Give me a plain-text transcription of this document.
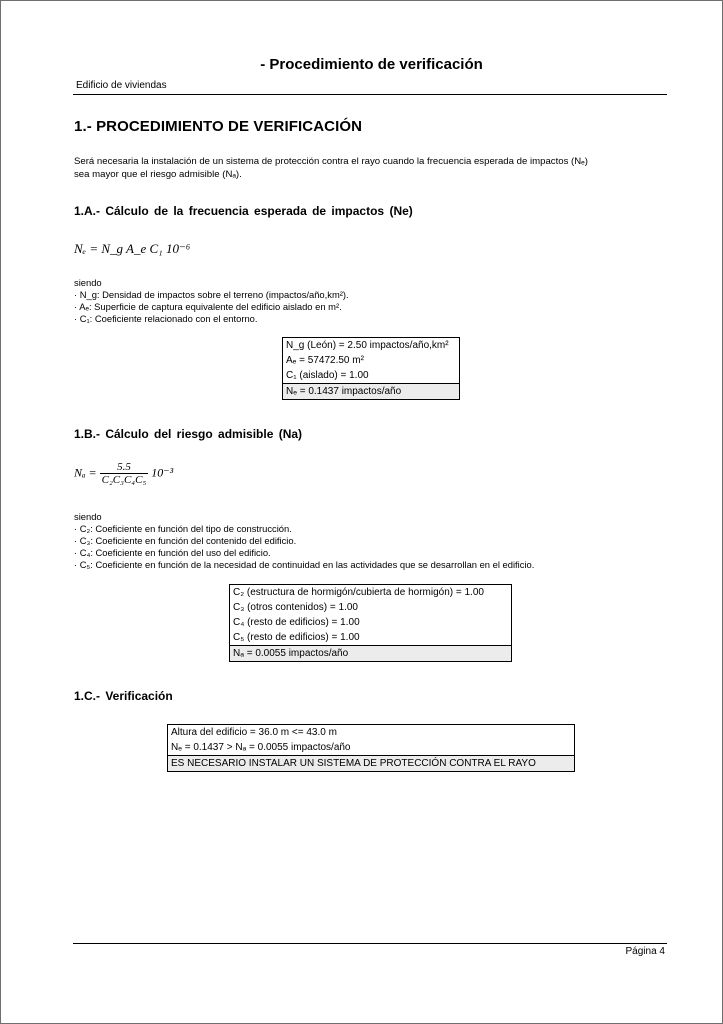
- Procedimiento de verificación
Edificio de viviendas
1.- PROCEDIMIENTO DE VERIFICACIÓN
Será necesaria la instalación de un sistema de protección contra el rayo cuando la frecuencia esperada de impactos (Nₑ)
sea mayor que el riesgo admisible (Nₐ).
1.A.- Cálculo de la frecuencia esperada de impactos (Ne)
Nₑ = N_g A_e C₁ 10⁻⁶
siendo
· N_g: Densidad de impactos sobre el terreno (impactos/año,km²).
· Aₑ: Superficie de captura equivalente del edificio aislado en m².
· C₁: Coeficiente relacionado con el entorno.
N_g (León) = 2.50 impactos/año,km²
Aₑ = 57472.50 m²
C₁ (aislado) = 1.00
Nₑ = 0.1437 impactos/año
1.B.- Cálculo del riesgo admisible (Na)
$N_a = \frac{5.5}{\text{C₂C₃C₄C₅}} 10^{-3}$
siendo
· C₂: Coeficiente en función del tipo de construcción.
· C₃: Coeficiente en función del contenido del edificio.
· C₄: Coeficiente en función del uso del edificio.
· C₅: Coeficiente en función de la necesidad de continuidad en las actividades que se desarrollan en el edificio.
C₂ (estructura de hormigón/cubierta de hormigón) = 1.00
C₃ (otros contenidos) = 1.00
C₄ (resto de edificios) = 1.00
C₅ (resto de edificios) = 1.00
Nₐ = 0.0055 impactos/año
1.C.- Verificación
Altura del edificio = 36.0 m <= 43.0 m
Nₑ = 0.1437 > Nₐ = 0.0055 impactos/año
ES NECESARIO INSTALAR UN SISTEMA DE PROTECCIÓN CONTRA EL RAYO
Página 4
